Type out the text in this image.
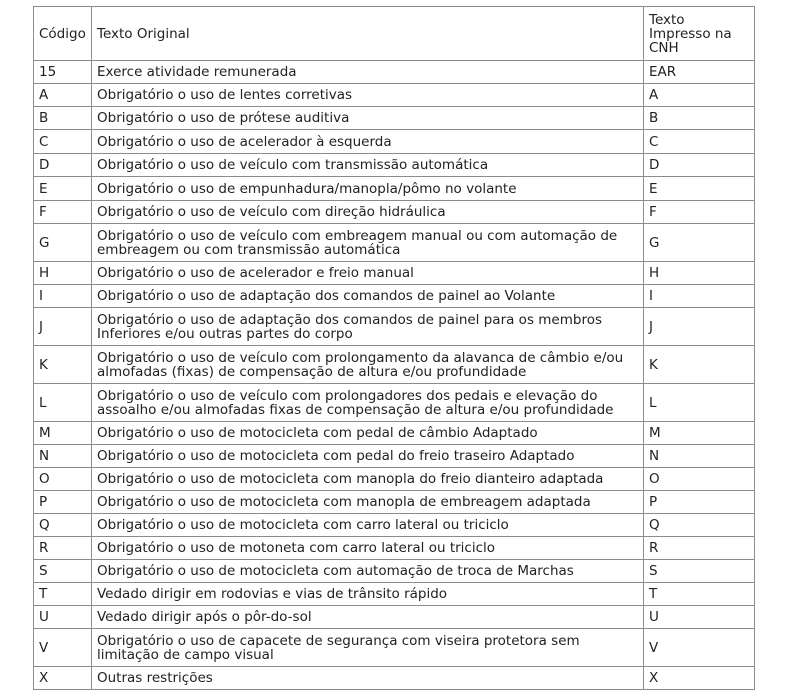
Código	Texto Original	Texto Impresso na CNH
15	Exerce atividade remunerada	EAR
A	Obrigatório o uso de lentes corretivas	A
B	Obrigatório o uso de prótese auditiva	B
C	Obrigatório o uso de acelerador à esquerda	C
D	Obrigatório o uso de veículo com transmissão automática	D
E	Obrigatório o uso de empunhadura/manopla/pômo no volante	E
F	Obrigatório o uso de veículo com direção hidráulica	F
G	Obrigatório o uso de veículo com embreagem manual ou com automação de embreagem ou com transmissão automática	G
H	Obrigatório o uso de acelerador e freio manual	H
I	Obrigatório o uso de adaptação dos comandos de painel ao Volante	I
J	Obrigatório o uso de adaptação dos comandos de painel para os membros Inferiores e/ou outras partes do corpo	J
K	Obrigatório o uso de veículo com prolongamento da alavanca de câmbio e/ou almofadas (fixas) de compensação de altura e/ou profundidade	K
L	Obrigatório o uso de veículo com prolongadores dos pedais e elevação do assoalho e/ou almofadas fixas de compensação de altura e/ou profundidade	L
M	Obrigatório o uso de motocicleta com pedal de câmbio Adaptado	M
N	Obrigatório o uso de motocicleta com pedal do freio traseiro Adaptado	N
O	Obrigatório o uso de motocicleta com manopla do freio dianteiro adaptada	O
P	Obrigatório o uso de motocicleta com manopla de embreagem adaptada	P
Q	Obrigatório o uso de motocicleta com carro lateral ou triciclo	Q
R	Obrigatório o uso de motoneta com carro lateral ou triciclo	R
S	Obrigatório o uso de motocicleta com automação de troca de Marchas	S
T	Vedado dirigir em rodovias e vias de trânsito rápido	T
U	Vedado dirigir após o pôr-do-sol	U
V	Obrigatório o uso de capacete de segurança com viseira protetora sem limitação de campo visual	V
X	Outras restrições	X
